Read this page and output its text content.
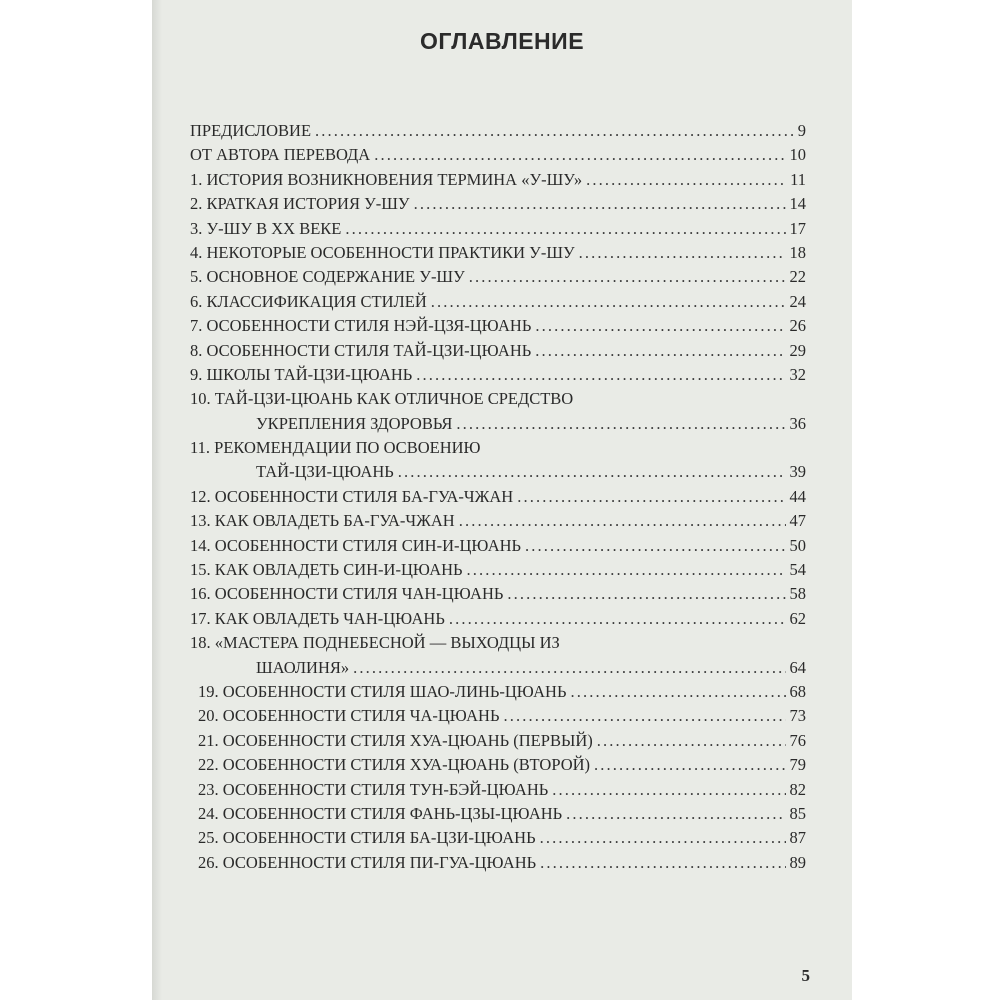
ОГЛАВЛЕНИЕ
ПРЕДИСЛОВИЕ . . .	9
ОТ АВТОРА ПЕРЕВОДА . . .	10
1. ИСТОРИЯ ВОЗНИКНОВЕНИЯ ТЕРМИНА «У-ШУ» . . .	11
2. КРАТКАЯ ИСТОРИЯ У-ШУ . . .	14
3. У-ШУ В XX ВЕКЕ . . .	17
4. НЕКОТОРЫЕ ОСОБЕННОСТИ ПРАКТИКИ У-ШУ . . .	18
5. ОСНОВНОЕ СОДЕРЖАНИЕ У-ШУ . . .	22
6. КЛАССИФИКАЦИЯ СТИЛЕЙ . . .	24
7. ОСОБЕННОСТИ СТИЛЯ НЭЙ-ЦЗЯ-ЦЮАНЬ . . .	26
8. ОСОБЕННОСТИ СТИЛЯ ТАЙ-ЦЗИ-ЦЮАНЬ . . .	29
9. ШКОЛЫ ТАЙ-ЦЗИ-ЦЮАНЬ . . .	32
10. ТАЙ-ЦЗИ-ЦЮАНЬ КАК ОТЛИЧНОЕ СРЕДСТВО
УКРЕПЛЕНИЯ ЗДОРОВЬЯ . . .	36
11. РЕКОМЕНДАЦИИ ПО ОСВОЕНИЮ
ТАЙ-ЦЗИ-ЦЮАНЬ . . .	39
12. ОСОБЕННОСТИ СТИЛЯ БА-ГУА-ЧЖАН . . .	44
13. КАК ОВЛАДЕТЬ БА-ГУА-ЧЖАН . . .	47
14. ОСОБЕННОСТИ СТИЛЯ СИН-И-ЦЮАНЬ . . .	50
15. КАК ОВЛАДЕТЬ СИН-И-ЦЮАНЬ . . .	54
16. ОСОБЕННОСТИ СТИЛЯ ЧАН-ЦЮАНЬ . . .	58
17. КАК ОВЛАДЕТЬ ЧАН-ЦЮАНЬ . . .	62
18. «МАСТЕРА ПОДНЕБЕСНОЙ — ВЫХОДЦЫ ИЗ
ШАОЛИНЯ» . . .	64
19. ОСОБЕННОСТИ СТИЛЯ ШАО-ЛИНЬ-ЦЮАНЬ . . .	68
20. ОСОБЕННОСТИ СТИЛЯ ЧА-ЦЮАНЬ . . .	73
21. ОСОБЕННОСТИ СТИЛЯ ХУА-ЦЮАНЬ (ПЕРВЫЙ) . . .	76
22. ОСОБЕННОСТИ СТИЛЯ ХУА-ЦЮАНЬ (ВТОРОЙ) . . .	79
23. ОСОБЕННОСТИ СТИЛЯ ТУН-БЭЙ-ЦЮАНЬ . . .	82
24. ОСОБЕННОСТИ СТИЛЯ ФАНЬ-ЦЗЫ-ЦЮАНЬ . . .	85
25. ОСОБЕННОСТИ СТИЛЯ БА-ЦЗИ-ЦЮАНЬ . . .	87
26. ОСОБЕННОСТИ СТИЛЯ ПИ-ГУА-ЦЮАНЬ . . .	89
5
